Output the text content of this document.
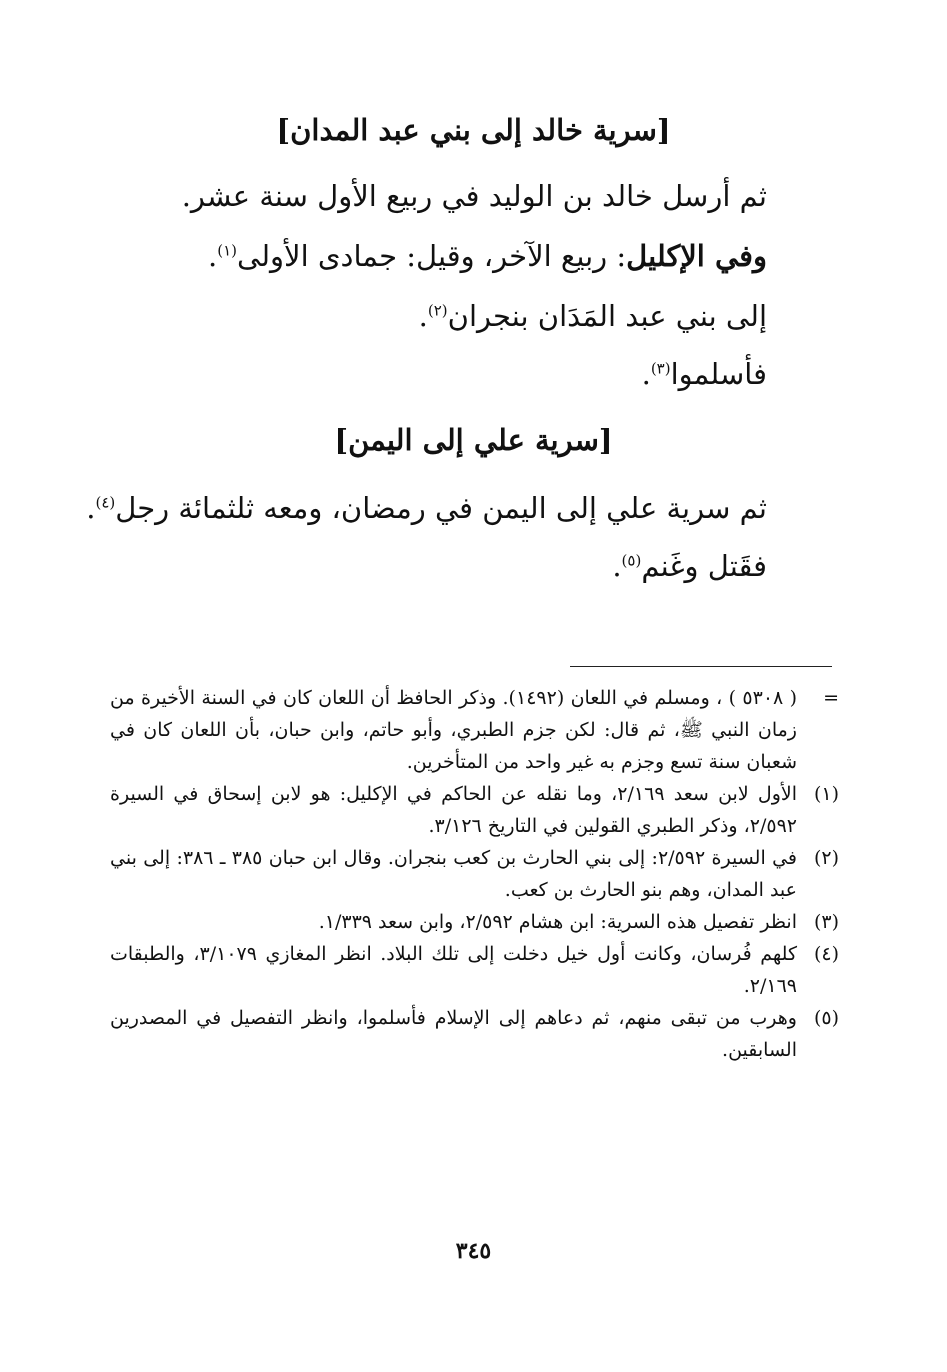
[سرية خالد إلى بني عبد المدان]
ثم أرسل خالد بن الوليد في ربيع الأول سنة عشر.
وفي الإكليل: ربيع الآخر، وقيل: جمادى الأولى$^{(١)}$.
إلى بني عبد المَدَان بنجران$^{(٢)}$.
فأسلموا$^{(٣)}$.
[سرية علي إلى اليمن]
ثم سرية علي إلى اليمن في رمضان، ومعه ثلثمائة رجل$^{(٤)}$.
فقَتل وغَنم$^{(٥)}$.

=
( ٥٣٠٨ ) ، ومسلم في اللعان (١٤٩٢). وذكر الحافظ أن اللعان كان في السنة الأخيرة من زمان النبي ﷺ، ثم قال: لكن جزم الطبري، وأبو حاتم، وابن حبان، بأن اللعان كان في شعبان سنة تسع وجزم به غير واحد من المتأخرين.

(١)
الأول لابن سعد ٢/١٦٩، وما نقله عن الحاكم في الإكليل: هو لابن إسحاق في السيرة ٢/٥٩٢، وذكر الطبري القولين في التاريخ ٣/١٢٦.

(٢)
في السيرة ٢/٥٩٢: إلى بني الحارث بن كعب بنجران. وقال ابن حبان ٣٨٥ ـ ٣٨٦: إلى بني عبد المدان، وهم بنو الحارث بن كعب.

(٣)
انظر تفصيل هذه السرية: ابن هشام ٢/٥٩٢، وابن سعد ١/٣٣٩.

(٤)
كلهم فُرسان، وكانت أول خيل دخلت إلى تلك البلاد. انظر المغازي ٣/١٠٧٩، والطبقات ٢/١٦٩.

(٥)
وهرب من تبقى منهم، ثم دعاهم إلى الإسلام فأسلموا، وانظر التفصيل في المصدرين السابقين.

٣٤٥
